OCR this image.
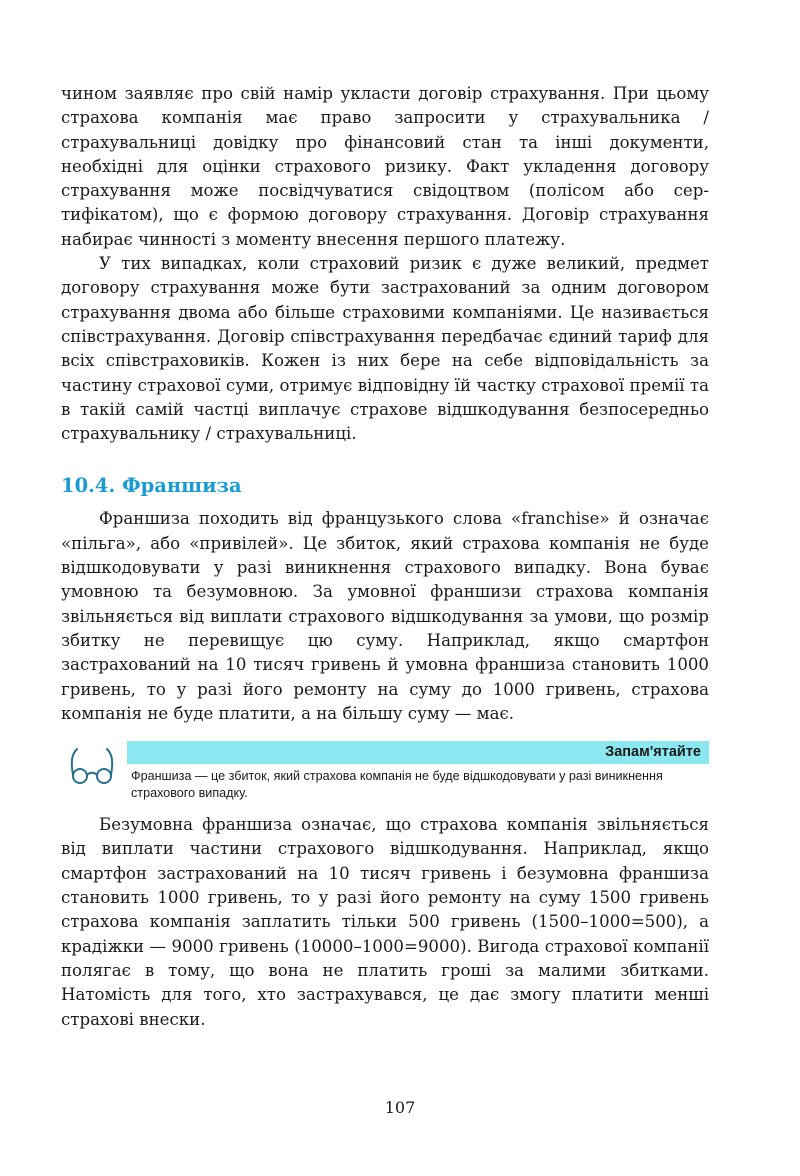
чином заявляє про свій намір укласти договір страхування. При цьому страхова компанія має право запросити у страхувальника / страхувальниці довідку про фінансовий стан та інші документи, необхідні для оцінки страхового ризику. Факт укладення договору страхування може посвідчуватися свідоцтвом (полісом або сертифікатом), що є формою договору страхування. Договір страхування набирає чинності з моменту внесення першого платежу.

У тих випадках, коли страховий ризик є дуже великий, предмет договору страхування може бути застрахований за одним договором страхування двома або більше страховими компаніями. Це називається співстрахування. Договір співстрахування передбачає єдиний тариф для всіх співстраховиків. Кожен із них бере на себе відповідальність за частину страхової суми, отримує відповідну їй частку страхової премії та в такій самій частці виплачує страхове відшкодування безпосередньо страхувальнику / страхувальниці.

10.4. Франшиза

Франшиза походить від французького слова «franchise» й означає «пільга», або «привілей». Це збиток, який страхова компанія не буде відшкодовувати у разі виникнення страхового випадку. Вона буває умовною та безумовною. За умовної франшизи страхова компанія звільняється від виплати страхового відшкодування за умови, що розмір збитку не перевищує цю суму. Наприклад, якщо смартфон застрахований на 10 тисяч гривень й умовна франшиза становить 1000 гривень, то у разі його ремонту на суму до 1000 гривень, страхова компанія не буде платити, а на більшу суму — має.

Запам'ятайте

Франшиза — це збиток, який страхова компанія не буде відшкодовувати у разі виникнення страхового випадку.

Безумовна франшиза означає, що страхова компанія звільняється від виплати частини страхового відшкодування. Наприклад, якщо смартфон застрахований на 10 тисяч гривень і безумовна франшиза становить 1000 гривень, то у разі його ремонту на суму 1500 гривень страхова компанія заплатить тільки 500 гривень (1500–1000=500), а крадіжки — 9000 гривень (10000–1000=9000). Вигода страхової компанії полягає в тому, що вона не платить гроші за малими збитками. Натомість для того, хто застрахувався, це дає змогу платити менші страхові внески.

107
